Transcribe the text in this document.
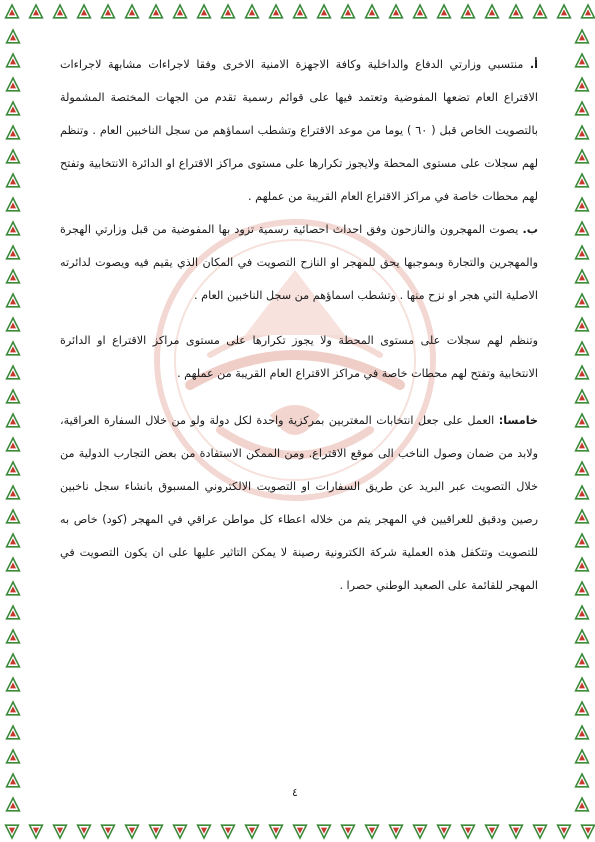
أ. منتسبي وزارتي الدفاع والداخلية وكافة الاجهزة الامنية الاخرى وفقا لاجراءات مشابهة لاجراءات الاقتراع العام تضعها المفوضية وتعتمد فيها على قوائم رسمية تقدم من الجهات المختصة المشمولة بالتصويت الخاص قبل ( ٦٠ ) يوما من موعد الاقتراع وتشطب اسماؤهم من سجل الناخبين العام . وتنظم لهم سجلات على مستوى المحطة ولايجوز تكرارها على مستوى مراكز الاقتراع او الدائرة الانتخابية وتفتح لهم محطات خاصة في مراكز الاقتراع العام القريبة من عملهم .

ب. يصوت المهجرون والنازحون وفق احداث احصائية رسمية تزود بها المفوضية من قبل وزارتي الهجرة والمهجرين والتجارة وبموجبها يحق للمهجر او النازح التصويت في المكان الذي يقيم فيه ويصوت لدائرته الاصلية التي هجر او نزح منها . وتشطب اسماؤهم من سجل الناخبين العام .

وتنظم لهم سجلات على مستوى المحطة ولا يجوز تكرارها على مستوى مراكز الاقتراع او الدائرة الانتخابية وتفتح لهم محطات خاصة في مراكز الاقتراع العام القريبة من عملهم .

خامسا: العمل على جعل انتخابات المغتربين بمركزية واحدة لكل دولة ولو من خلال السفارة العراقية، ولابد من ضمان وصول الناخب الى موقع الاقتراع. ومن الممكن الاستفادة من بعض التجارب الدولية من خلال التصويت عبر البريد عن طريق السفارات او التصويت الالكتروني المسبوق بانشاء سجل ناخبين رصين ودقيق للعراقيين في المهجر يتم من خلاله اعطاء كل مواطن عراقي في المهجر (كود) خاص به للتصويت وتتكفل هذه العملية شركة الكترونية رصينة لا يمكن التاثير عليها على ان يكون التصويت في المهجر للقائمة على الصعيد الوطني حصرا .

٤
